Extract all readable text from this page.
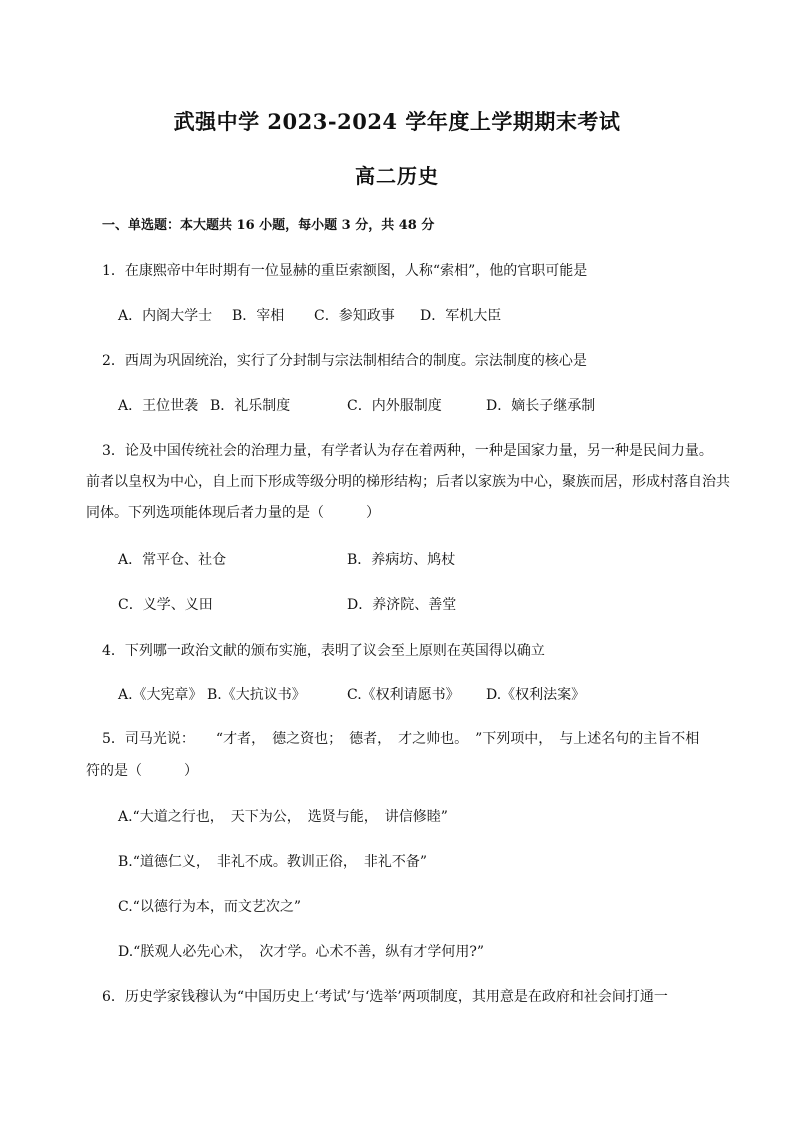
武强中学 2023-2024 学年度上学期期末考试
高二历史
一、单选题：本大题共 16 小题，每小题 3 分，共 48 分
1．在康熙帝中年时期有一位显赫的重臣索额图，人称“索相”，他的官职可能是
A．内阁大学士 B．宰相 C．参知政事 D．军机大臣
2．西周为巩固统治，实行了分封制与宗法制相结合的制度。宗法制度的核心是
A．王位世袭 B．礼乐制度	C．内外服制度	D．嫡长子继承制
3．论及中国传统社会的治理力量，有学者认为存在着两种，一种是国家力量，另一种是民间力量。
前者以皇权为中心，自上而下形成等级分明的梯形结构；后者以家族为中心，聚族而居，形成村落自治共
同体。下列选项能体现后者力量的是（　　　）
A．常平仓、社仓	B．养病坊、鸠杖
C．义学、义田	D．养济院、善堂
4．下列哪一政治文献的颁布实施，表明了议会至上原则在英国得以确立
A.《大宪章》 B.《大抗议书》	C.《权利请愿书》 D.《权利法案》
5．司马光说：　　“才者，　德之资也；　德者，　才之帅也。　”下列项中，　与上述名句的主旨不相
符的是（　　　）
A.“大道之行也，　天下为公，　选贤与能，　讲信修睦”
B.“道德仁义，　非礼不成。教训正俗，　非礼不备”
C.“以德行为本，而文艺次之”
D.“朕观人必先心术，　次才学。心术不善，纵有才学何用?”
6．历史学家钱穆认为“中国历史上‘考试’与‘选举’两项制度，其用意是在政府和社会间打通一
